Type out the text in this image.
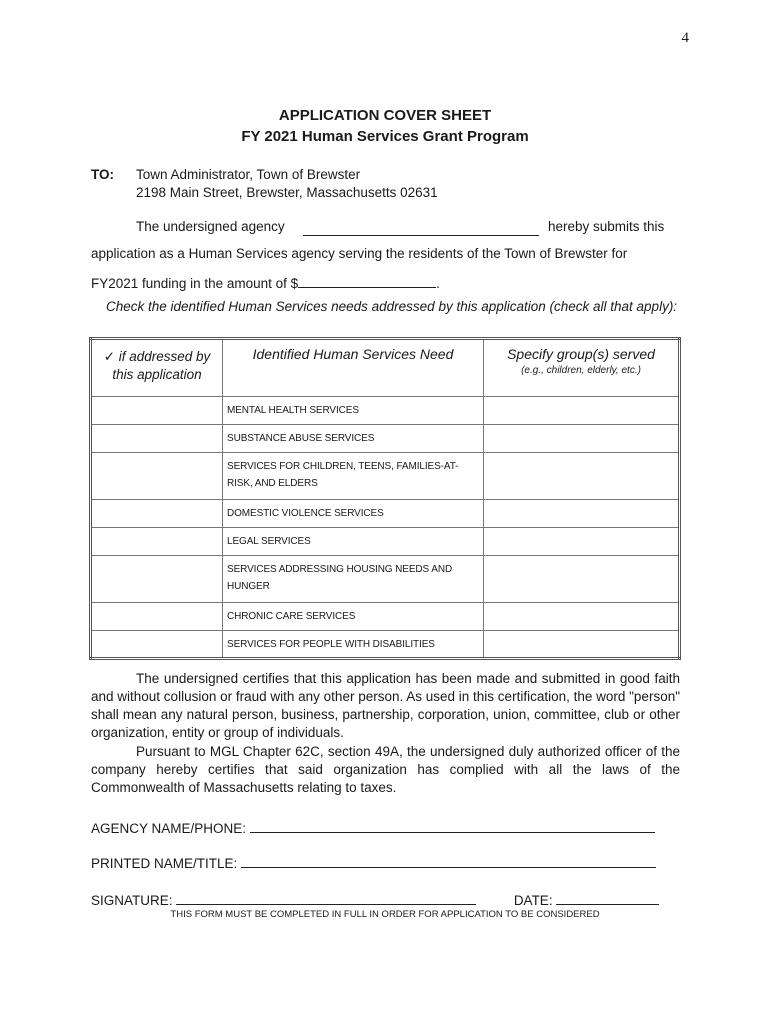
4
APPLICATION COVER SHEET
FY 2021 Human Services Grant Program
TO: Town Administrator, Town of Brewster
2198 Main Street, Brewster, Massachusetts 02631
The undersigned agency	hereby submits this
application as a Human Services agency serving the residents of the Town of Brewster for
FY2021 funding in the amount of $	.
Check the identified Human Services needs addressed by this application (check all that apply):
✓ if addressed by this application	Identified Human Services Need	Specify group(s) served
(e.g., children, elderly, etc.)

	MENTAL HEALTH SERVICES	
	SUBSTANCE ABUSE SERVICES	
	SERVICES FOR CHILDREN, TEENS, FAMILIES-AT-RISK, AND ELDERS	
	DOMESTIC VIOLENCE SERVICES	
	LEGAL SERVICES	
	SERVICES ADDRESSING HOUSING NEEDS AND HUNGER	
	CHRONIC CARE SERVICES	
	SERVICES FOR PEOPLE WITH DISABILITIES	
The undersigned certifies that this application has been made and submitted in good faith and without collusion or fraud with any other person. As used in this certification, the word "person" shall mean any natural person, business, partnership, corporation, union, committee, club or other organization, entity or group of individuals.
Pursuant to MGL Chapter 62C, section 49A, the undersigned duly authorized officer of the company hereby certifies that said organization has complied with all the laws of the Commonwealth of Massachusetts relating to taxes.
AGENCY NAME/PHONE:
PRINTED NAME/TITLE:
SIGNATURE:	DATE:
THIS FORM MUST BE COMPLETED IN FULL IN ORDER FOR APPLICATION TO BE CONSIDERED
